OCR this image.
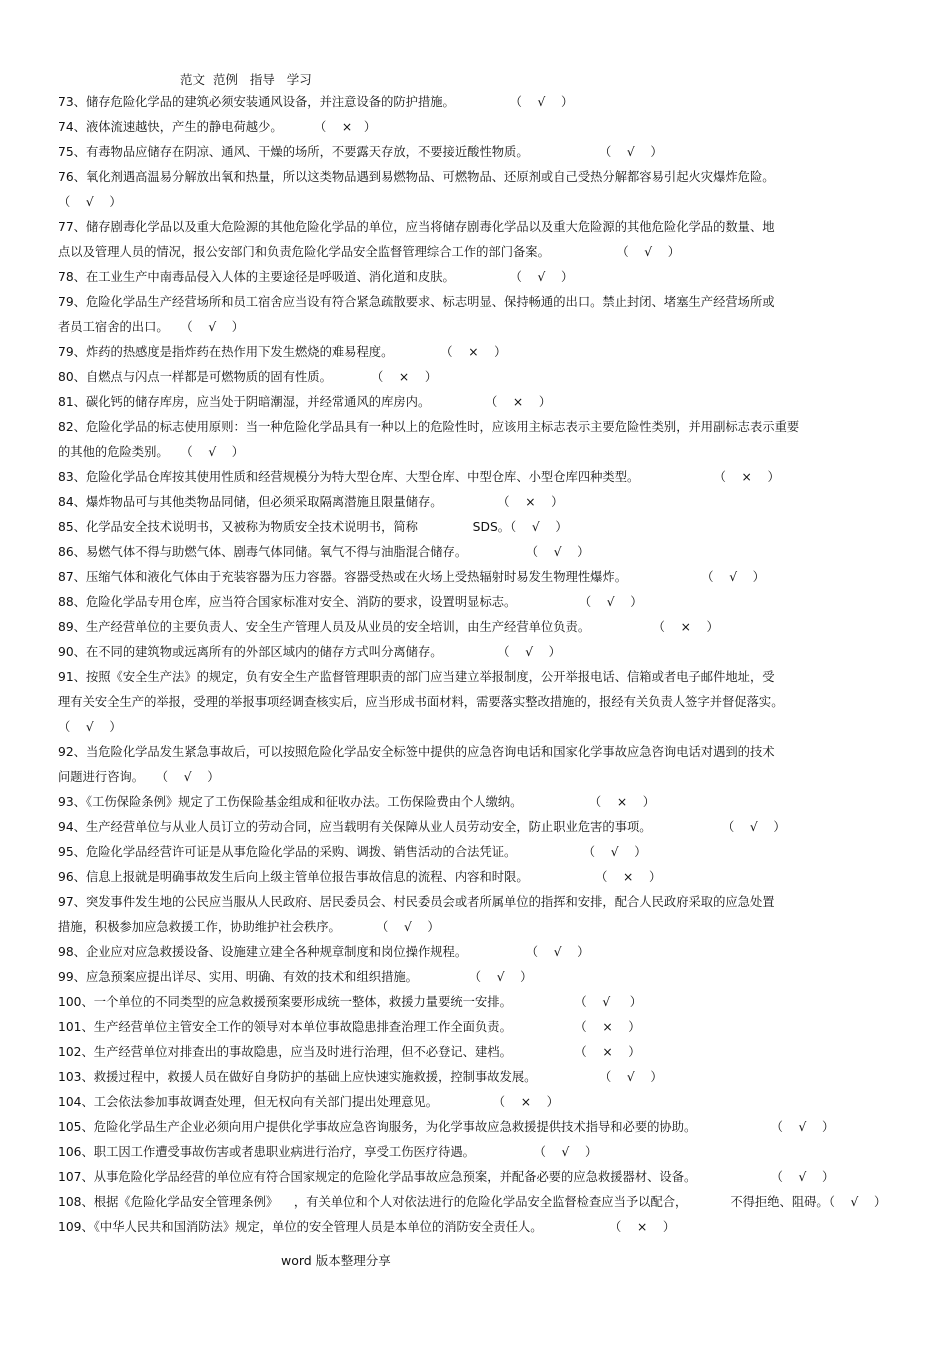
范文  范例   指导   学习
73、储存危险化学品的建筑必须安装通风设备，并注意设备的防护措施。              （    √    ）
74、液体流速越快，产生的静电荷越少。        （    ×   ）
75、有毒物品应储存在阴凉、通风、干燥的场所，不要露天存放，不要接近酸性物质。                  （    √    ）
76、氧化剂遇高温易分解放出氧和热量，所以这类物品遇到易燃物品、可燃物品、还原剂或自己受热分解都容易引起火灾爆炸危险。
（    √    ）
77、储存剧毒化学品以及重大危险源的其他危险化学品的单位，应当将储存剧毒化学品以及重大危险源的其他危险化学品的数量、地
点以及管理人员的情况，报公安部门和负责危险化学品安全监督管理综合工作的部门备案。                 （    √    ）
78、在工业生产中南毒品侵入人体的主要途径是呼吸道、消化道和皮肤。              （    √    ）
79、危险化学品生产经营场所和员工宿舍应当设有符合紧急疏散要求、标志明显、保持畅通的出口。禁止封闭、堵塞生产经营场所或
者员工宿舍的出口。   （    √    ）
79、炸药的热感度是指炸药在热作用下发生燃烧的难易程度。            （    ×    ）
80、自燃点与闪点一样都是可燃物质的固有性质。          （    ×    ）
81、碳化钙的储存库房，应当处于阴暗潮湿，并经常通风的库房内。              （    ×    ）
82、危险化学品的标志使用原则：当一种危险化学品具有一种以上的危险性时，应该用主标志表示主要危险性类别，并用副标志表示重要
的其他的危险类别。   （    √    ）
83、危险化学品仓库按其使用性质和经营规模分为特大型仓库、大型仓库、中型仓库、小型仓库四种类型。                   （    ×    ）
84、爆炸物品可与其他类物品同储，但必须采取隔离潜施且限量储存。              （    ×    ）
85、化学品安全技术说明书，又被称为物质安全技术说明书，简称              SDS。（    √    ）
86、易燃气体不得与助燃气体、剧毒气体同储。氧气不得与油脂混合储存。               （    √    ）
87、压缩气体和液化气体由于充装容器为压力容器。容器受热或在火场上受热辐射时易发生物理性爆炸。                   （    √    ）
88、危险化学品专用仓库，应当符合国家标准对安全、消防的要求，设置明显标志。                （    √    ）
89、生产经营单位的主要负责人、安全生产管理人员及从业员的安全培训，由生产经营单位负责。                （    ×    ）
90、在不同的建筑物或远离所有的外部区域内的储存方式叫分离储存。              （    √    ）
91、按照《安全生产法》的规定，负有安全生产监督管理职责的部门应当建立举报制度，公开举报电话、信箱或者电子邮件地址，受
理有关安全生产的举报，受理的举报事项经调查核实后，应当形成书面材料，需要落实整改措施的，报经有关负责人签字并督促落实。
（    √    ）
92、当危险化学品发生紧急事故后，可以按照危险化学品安全标签中提供的应急咨询电话和国家化学事故应急咨询电话对遇到的技术
问题进行咨询。   （    √    ）
93、《工伤保险条例》规定了工伤保险基金组成和征收办法。工伤保险费由个人缴纳。                 （    ×    ）
94、生产经营单位与从业人员订立的劳动合同，应当载明有关保障从业人员劳动安全，防止职业危害的事项。                  （    √    ）
95、危险化学品经营许可证是从事危险化学品的采购、调拨、销售活动的合法凭证。                 （    √    ）
96、信息上报就是明确事故发生后向上级主管单位报告事故信息的流程、内容和时限。                 （    ×    ）
97、突发事件发生地的公民应当服从人民政府、居民委员会、村民委员会或者所属单位的指挥和安排，配合人民政府采取的应急处置
措施，积极参加应急救援工作，协助维护社会秩序。         （    √    ）
98、企业应对应急救援设备、设施建立建全各种规章制度和岗位操作规程。               （    √    ）
99、应急预案应提出详尽、实用、明确、有效的技术和组织措施。             （    √    ）
100、一个单位的不同类型的应急救援预案要形成统一整体，救援力量要统一安排。                （    √     ）
101、生产经营单位主管安全工作的领导对本单位事故隐患排查治理工作全面负责。                （    ×    ）
102、生产经营单位对排查出的事故隐患，应当及时进行治理，但不必登记、建档。                （    ×    ）
103、救援过程中，救援人员在做好自身防护的基础上应快速实施救援，控制事故发展。                （    √    ）
104、工会依法参加事故调查处理，但无权向有关部门提出处理意见。              （    ×    ）
105、危险化学品生产企业必须向用户提供化学事故应急咨询服务，为化学事故应急救援提供技术指导和必要的协助。                   （    √    ）
106、职工因工作遭受事故伤害或者患职业病进行治疗，享受工伤医疗待遇。               （    √    ）
107、从事危险化学品经营的单位应有符合国家规定的危险化学品事故应急预案，并配备必要的应急救援器材、设备。                   （    √    ）
108、根据《危险化学品安全管理条例》    ，有关单位和个人对依法进行的危险化学品安全监督检查应当予以配合，           不得拒绝、阻碍。（    √    ）
109、《中华人民共和国消防法》规定，单位的安全管理人员是本单位的消防安全责任人。                 （    ×    ）
word 版本整理分享
